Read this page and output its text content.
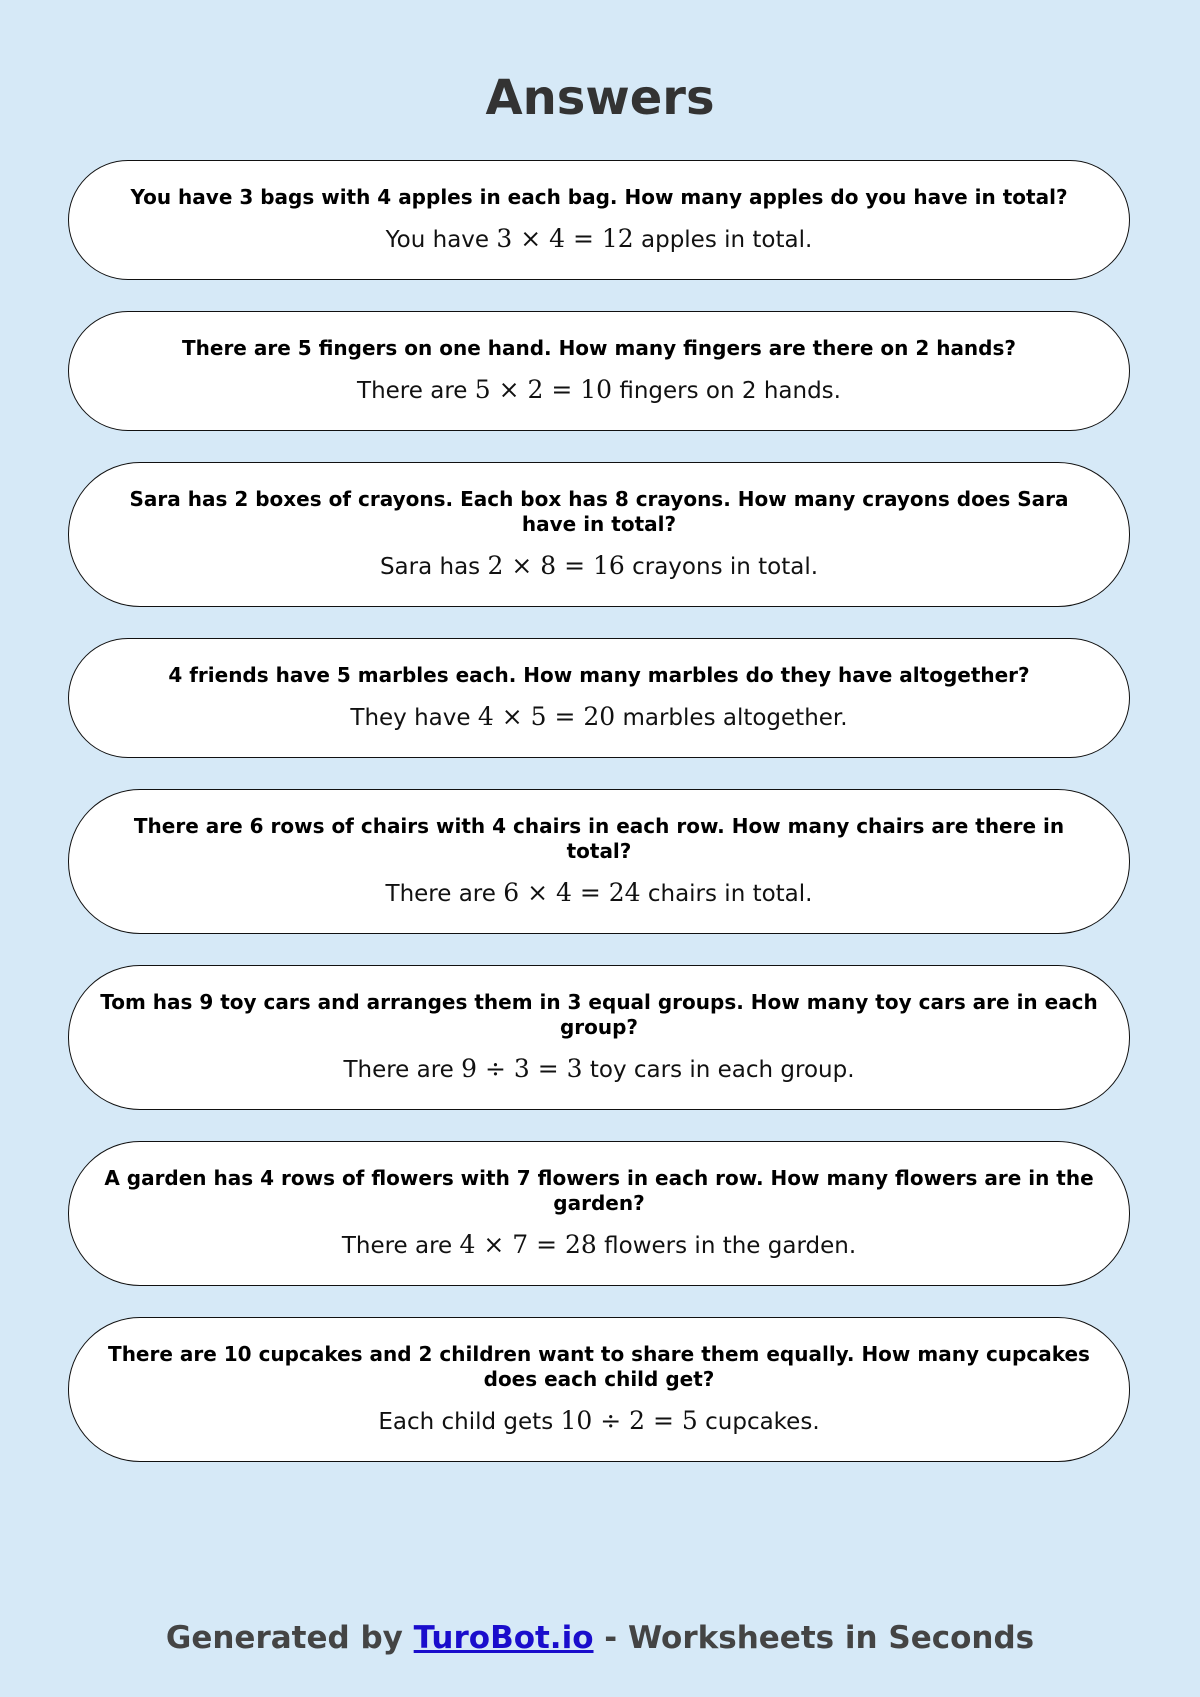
Answers

You have 3 bags with 4 apples in each bag. How many apples do you have in total?

You have 3 × 4 = 12 apples in total.

There are 5 fingers on one hand. How many fingers are there on 2 hands?

There are 5 × 2 = 10 fingers on 2 hands.

Sara has 2 boxes of crayons. Each box has 8 crayons. How many crayons does Sara have in total?

Sara has 2 × 8 = 16 crayons in total.

4 friends have 5 marbles each. How many marbles do they have altogether?

They have 4 × 5 = 20 marbles altogether.

There are 6 rows of chairs with 4 chairs in each row. How many chairs are there in total?

There are 6 × 4 = 24 chairs in total.

Tom has 9 toy cars and arranges them in 3 equal groups. How many toy cars are in each group?

There are 9 ÷ 3 = 3 toy cars in each group.

A garden has 4 rows of flowers with 7 flowers in each row. How many flowers are in the garden?

There are 4 × 7 = 28 flowers in the garden.

There are 10 cupcakes and 2 children want to share them equally. How many cupcakes does each child get?

Each child gets 10 ÷ 2 = 5 cupcakes.
Generated by TuroBot.io - Worksheets in Seconds
